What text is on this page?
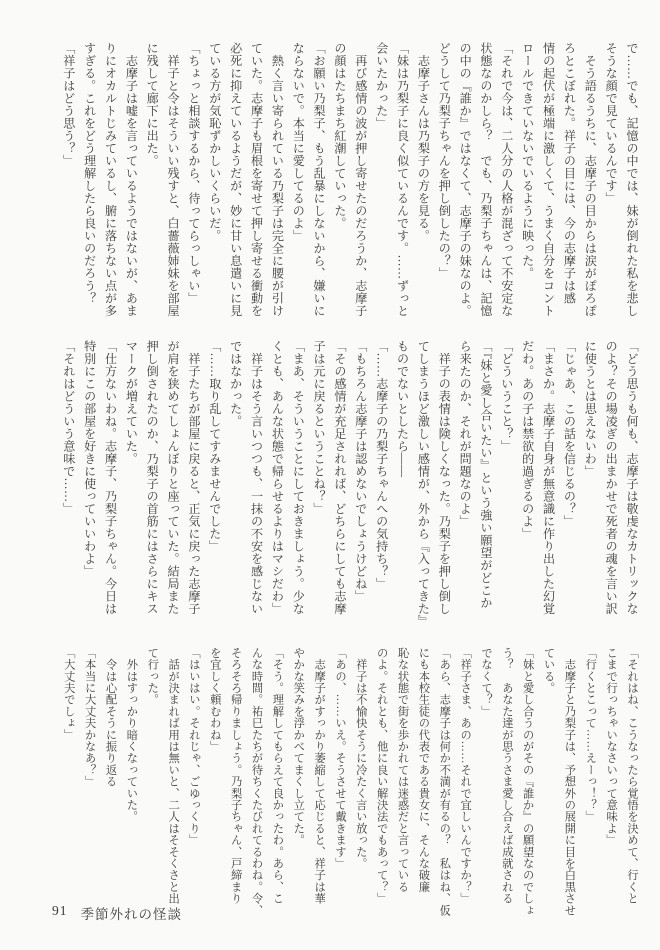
で……でも、記憶の中では、妹が倒れた私を悲し

そうな顔で見ているんです」

　そう語るうちに、志摩子の目からは涙がぽろぽ

ろとこぼれた。祥子の目には、今の志摩子は感

情の起伏が極端に激しくて、うまく自分をコント

ロールできていないでいるように映った。

「それで今は、二人分の人格が混ざって不安定な

状態なのかしら？　でも、乃梨子ちゃんは、記憶

の中の『誰か』ではなくて、志摩子の妹なのよ。

どうして乃梨子ちゃんを押し倒したの？」

　志摩子さんは乃梨子の方を見る。

「妹は乃梨子に良く似ているんです。……ずっと

会いたかった」

　再び感情の波が押し寄せたのだろうか、志摩子

の顔はたちまち紅潮していった。

「お願い乃梨子、もう乱暴にしないから、嫌いに

ならないで。本当に愛してるのよ」

　熱く言い寄られている乃梨子は完全に腰が引け

ていた。志摩子も眉根を寄せて押し寄せる衝動を

必死に抑えているようだが、妙に甘い息遣いに見

ている方が気恥ずかしいくらいだ。

「ちょっと相談するから、待ってらっしゃい」

　祥子と令はそういい残すと、白薔薇姉妹を部屋

に残して廊下に出た。

　志摩子は嘘を言っているようではないが、あま

りにオカルトじみているし、腑に落ちない点が多

すぎる。これをどう理解したら良いのだろう？

「祥子はどう思う？」

「どう思うも何も、志摩子は敬虔なカトリックな

のよ？その場凌ぎの出まかせで死者の魂を言い訳

に使うとは思えないわ」

「じゃあ、この話を信じるの？」

「まさか。志摩子自身が無意識に作り出した幻覚

だわ。あの子は禁欲的過ぎるのよ」

「どういうこと？」

「『妹と愛し合いたい』という強い願望がどこか

ら来たのか、それが問題なのよ」

　祥子の表情は険しくなった。乃梨子を押し倒し

てしまうほど激しい感情が、外から『入ってきた』

ものでないとしたら――

「……志摩子の乃梨子ちゃんへの気持ち？」

「もちろん志摩子は認めないでしょうけどね」

「その感情が充足されれば、どちらにしても志摩

子は元に戻るということね？」

「まあ、そういうことにしておきましょう。少な

くとも、あんな状態で帰らせるよりはマシだわ」

　祥子はそう言いつつも、一抹の不安を感じない

ではなかった。

「……取り乱してすみませんでした」

　祥子たちが部屋に戻ると、正気に戻った志摩子

が肩を狭めてしょんぼりと座っていた。結局また

押し倒されたのか、乃梨子の首筋にはさらにキス

マークが増えていた。

「仕方ないわね。志摩子、乃梨子ちゃん。今日は

特別にこの部屋を好きに使っていいわよ」

「それはどういう意味で……」

「それはね、こうなったら覚悟を決めて、行くと

こまで行っちゃいなさいって意味よ」

「行くとこって……えーっ！？」

　志摩子と乃梨子は、予想外の展開に目を白黒させ

ている。

「妹と愛し合うのがその『誰か』の願望なのでしょ

う？　あなた達が思うさま愛し合えば成就される

でなくて？」

「祥子さま、あの……それで宜しいんですか？」

「あら、志摩子は何か不満が有るの？　私はね、仮

にも本校生徒の代表である貴女に、そんな破廉

恥な状態で街を歩かれては迷惑だと言っている

のよ。それとも、他に良い解決法でもあって？」

　祥子は不愉快そうに冷たく言い放った。

「あの、……いえ。そうさせて戴きます」

　志摩子がすっかり萎縮して応じると、祥子は華

やかな笑みを浮かべてまくし立てた。

「そう。理解してもらえて良かったわ。あら、こ

んな時間。祐巳たちが待ちくたびれてるわね。令、

そろそろ帰りましょう。乃梨子ちゃん、戸締まり

を宜しく頼むわね」

「はいはい。それじゃ、ごゆっくり」

　話が決まれば用は無いと、二人はそそくさと出

て行った。

　外はすっかり暗くなっていた。

　令は心配そうに振り返る

「本当に大丈夫かなあ？」

「大丈夫でしょ」

91 季節外れの怪談
